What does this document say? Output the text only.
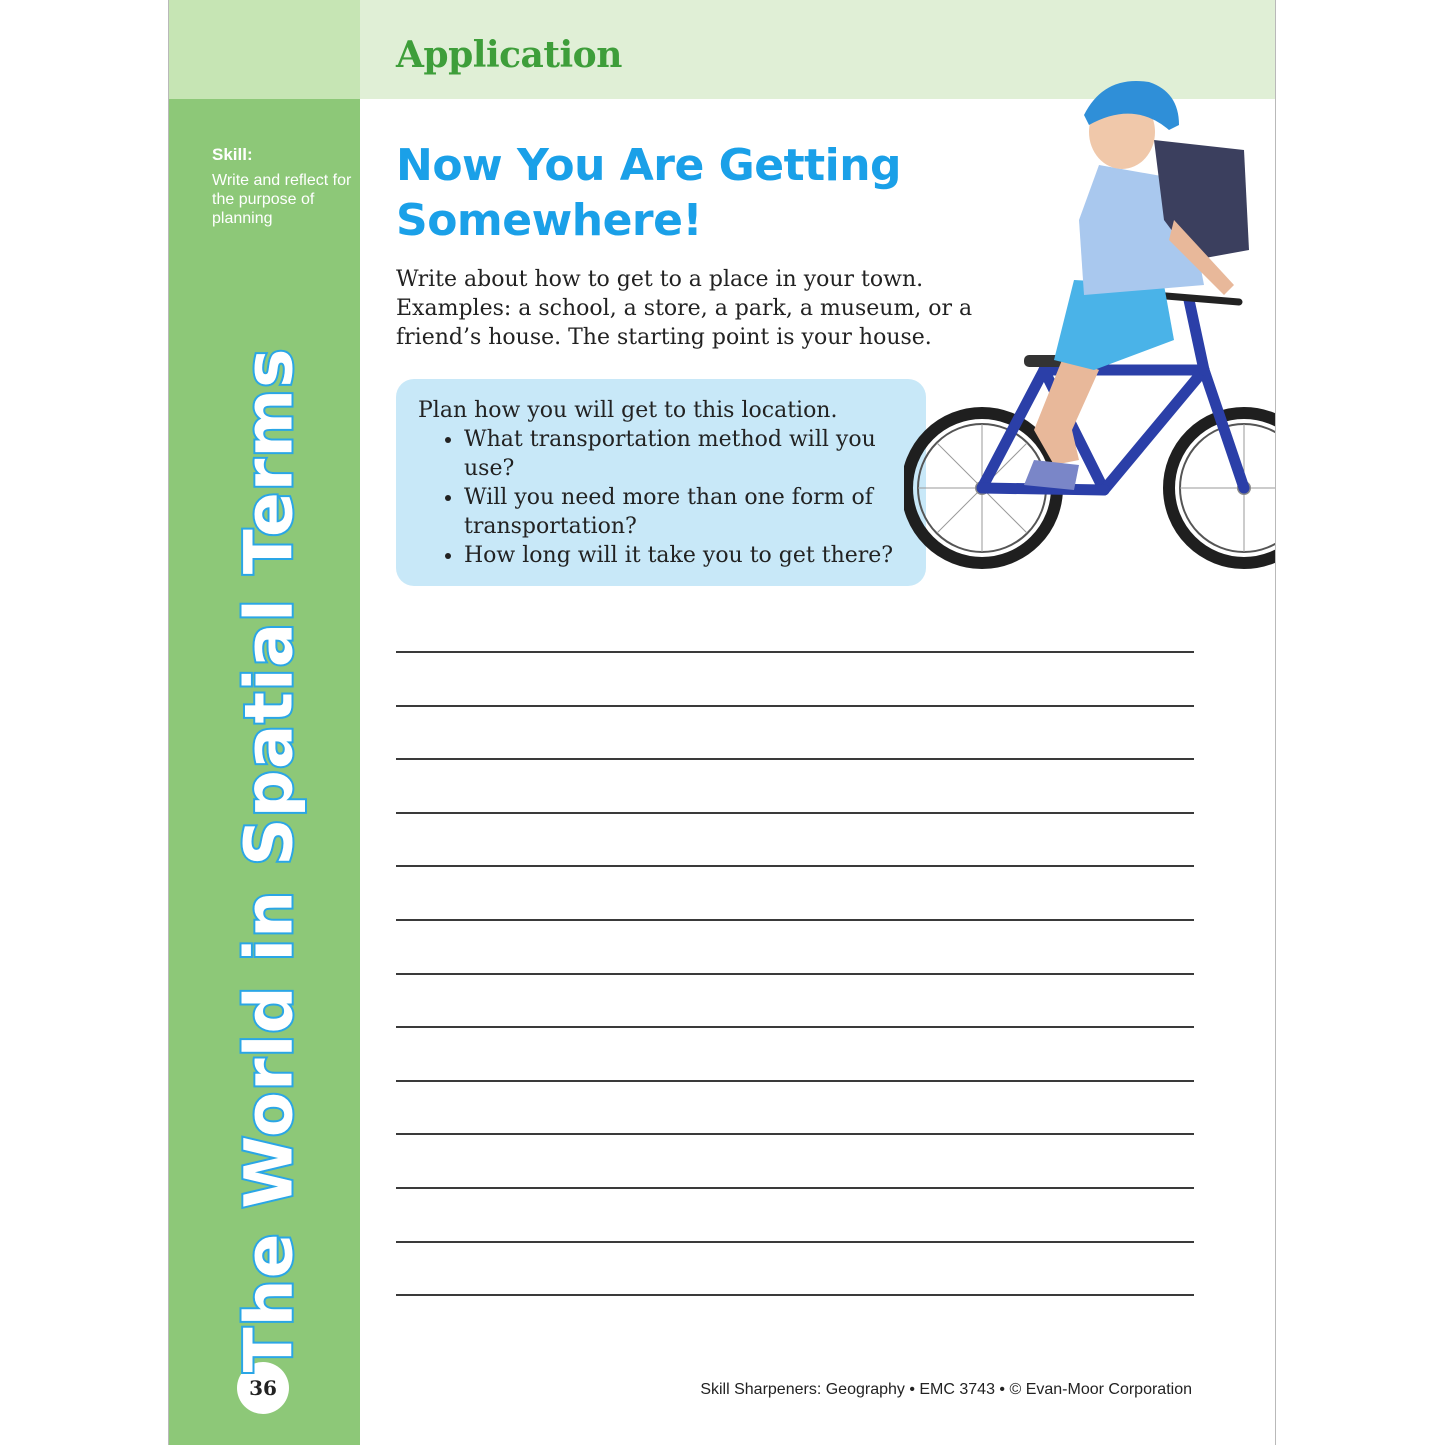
Application
Skill:
Write and reflect for the purpose of planning
36
The World in Spatial Terms
Now You Are Getting Somewhere!

Write about how to get to a place in your town. Examples: a school, a store, a park, a museum, or a friend’s house. The starting point is your house.

Plan how you will get to this location.
• What transportation method will you use?
• Will you need more than one form of transportation?
• How long will it take you to get there?
Skill Sharpeners: Geography • EMC 3743 • © Evan-Moor Corporation
